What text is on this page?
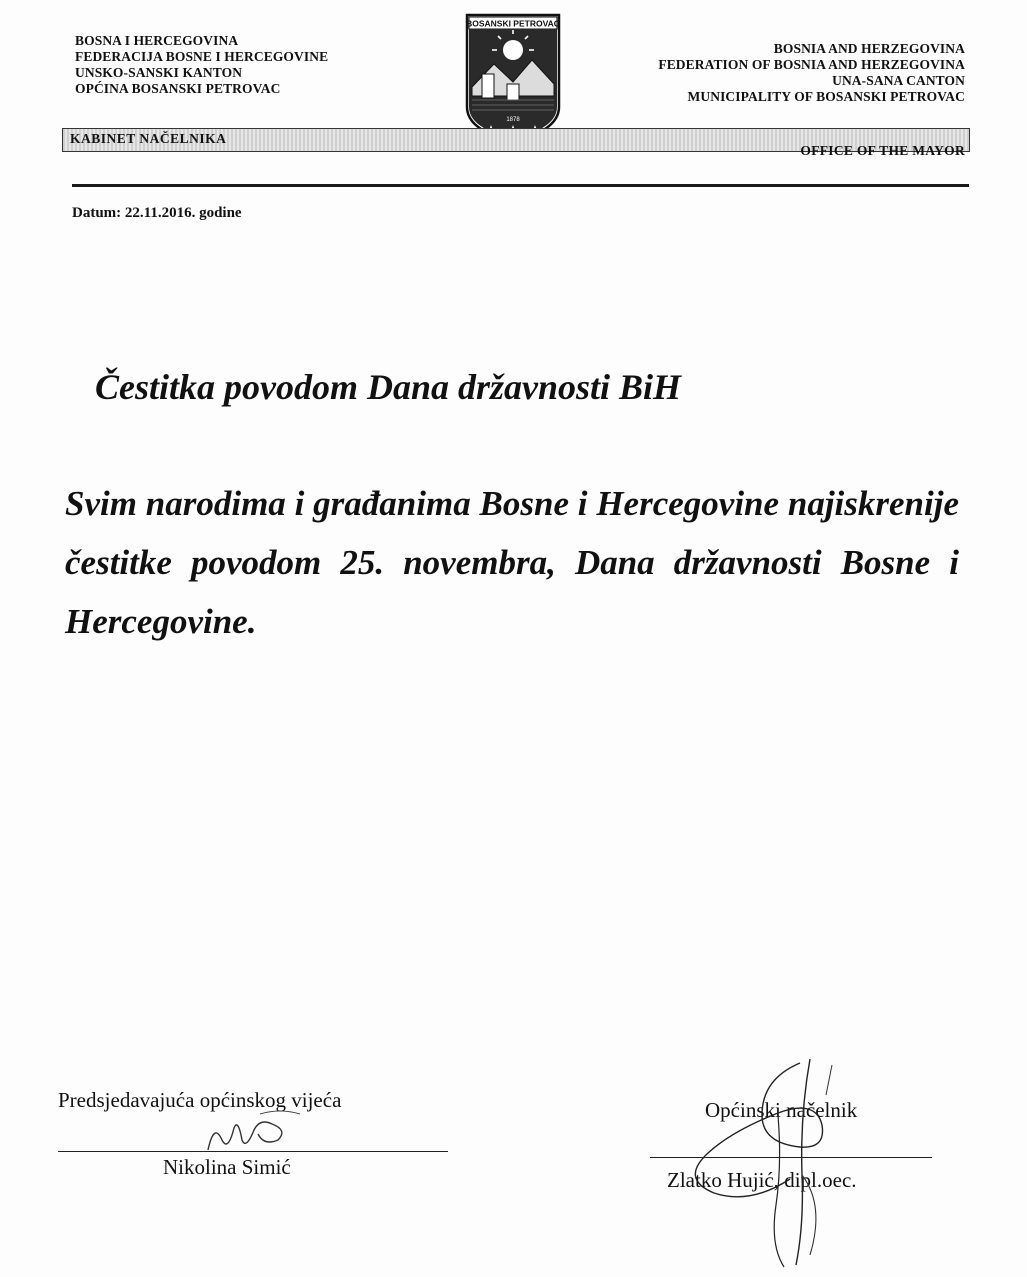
BOSNA I HERCEGOVINA
FEDERACIJA BOSNE I HERCEGOVINE
UNSKO-SANSKI KANTON
OPĆINA BOSANSKI PETROVAC
BOSANSKI PETROVAC
1878
BOSNIA AND HERZEGOVINA
FEDERATION OF BOSNIA AND HERZEGOVINA
UNA-SANA CANTON
MUNICIPALITY OF BOSANSKI PETROVAC
KABINET NAČELNIKA
OFFICE OF THE MAYOR
Datum: 22.11.2016. godine
Čestitka povodom Dana državnosti BiH
Svim narodima i građanima Bosne i Hercegovine najiskrenije čestitke povodom 25. novembra, Dana državnosti Bosne i Hercegovine.
Predsjedavajuća općinskog vijeća
Nikolina Simić
Općinski načelnik
Zlatko Hujić, dipl.oec.
